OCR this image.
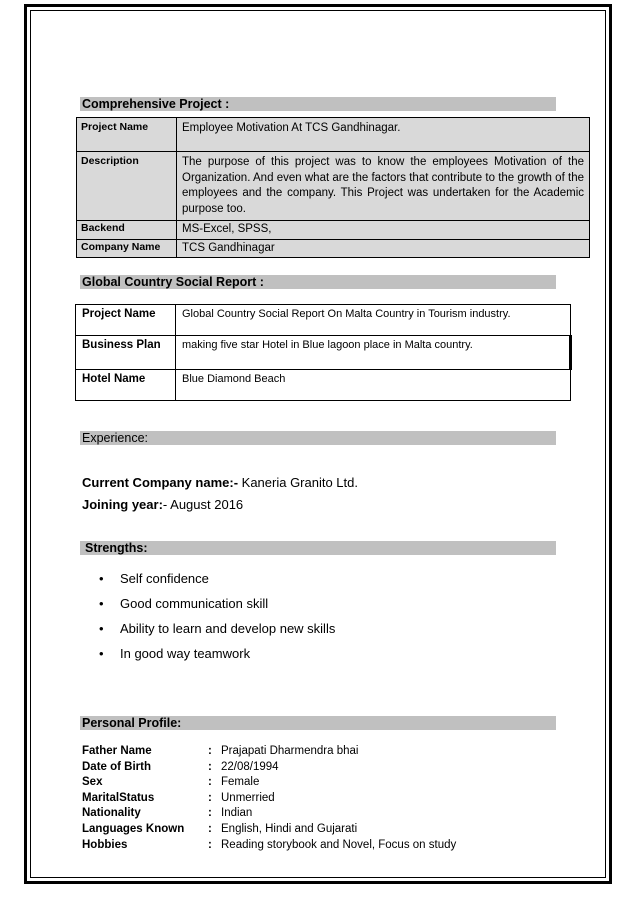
Comprehensive Project :
Project Name	Employee Motivation At TCS Gandhinagar.
Description	The purpose of this project was to know the employees Motivation of the Organization. And even what are the factors that contribute to the growth of the employees and the company. This Project was undertaken for the Academic purpose too.
Backend	MS-Excel, SPSS,
Company Name	TCS Gandhinagar
Global Country Social Report :
Project Name	Global Country Social Report On Malta Country in Tourism industry.
Business Plan	making five star Hotel in Blue lagoon place in Malta country.
Hotel Name	Blue Diamond Beach
Experience:
Current Company name:- Kaneria Granito Ltd.
Joining year:- August 2016
Strengths:
• Self confidence
• Good communication skill
• Ability to learn and develop new skills
• In good way teamwork
Personal Profile:
Father Name	: Prajapati Dharmendra bhai
Date of Birth	: 22/08/1994
Sex	: Female
MaritalStatus	: Unmerried
Nationality	: Indian
Languages Known	: English, Hindi and Gujarati
Hobbies	: Reading storybook and Novel, Focus on study
